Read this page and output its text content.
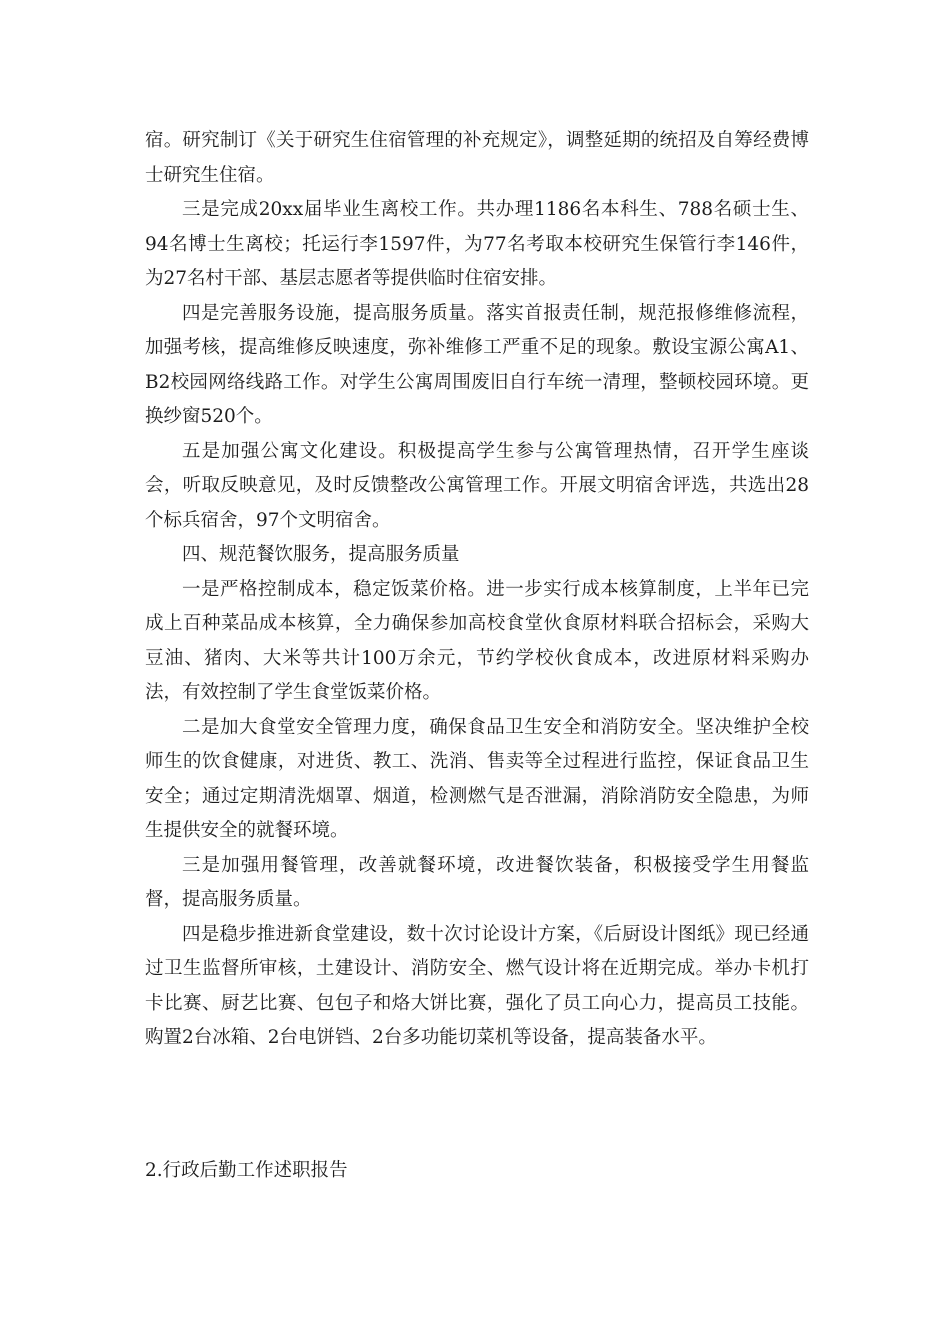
宿。研究制订《关于研究生住宿管理的补充规定》，调整延期的统招及自筹经费博士研究生住宿。

三是完成20xx届毕业生离校工作。共办理1186名本科生、788名硕士生、94名博士生离校；托运行李1597件，为77名考取本校研究生保管行李146件，为27名村干部、基层志愿者等提供临时住宿安排。

四是完善服务设施，提高服务质量。落实首报责任制，规范报修维修流程，加强考核，提高维修反映速度，弥补维修工严重不足的现象。敷设宝源公寓A1、B2校园网络线路工作。对学生公寓周围废旧自行车统一清理，整顿校园环境。更换纱窗520个。

五是加强公寓文化建设。积极提高学生参与公寓管理热情，召开学生座谈会，听取反映意见，及时反馈整改公寓管理工作。开展文明宿舍评选，共选出28个标兵宿舍，97个文明宿舍。

四、规范餐饮服务，提高服务质量

一是严格控制成本，稳定饭菜价格。进一步实行成本核算制度，上半年已完成上百种菜品成本核算，全力确保参加高校食堂伙食原材料联合招标会，采购大豆油、猪肉、大米等共计100万余元，节约学校伙食成本，改进原材料采购办法，有效控制了学生食堂饭菜价格。

二是加大食堂安全管理力度，确保食品卫生安全和消防安全。坚决维护全校师生的饮食健康，对进货、教工、洗消、售卖等全过程进行监控，保证食品卫生安全；通过定期清洗烟罩、烟道，检测燃气是否泄漏，消除消防安全隐患，为师生提供安全的就餐环境。

三是加强用餐管理，改善就餐环境，改进餐饮装备，积极接受学生用餐监督，提高服务质量。

四是稳步推进新食堂建设，数十次讨论设计方案，《后厨设计图纸》现已经通过卫生监督所审核，土建设计、消防安全、燃气设计将在近期完成。举办卡机打卡比赛、厨艺比赛、包包子和烙大饼比赛，强化了员工向心力，提高员工技能。购置2台冰箱、2台电饼铛、2台多功能切菜机等设备，提高装备水平。

2.行政后勤工作述职报告
